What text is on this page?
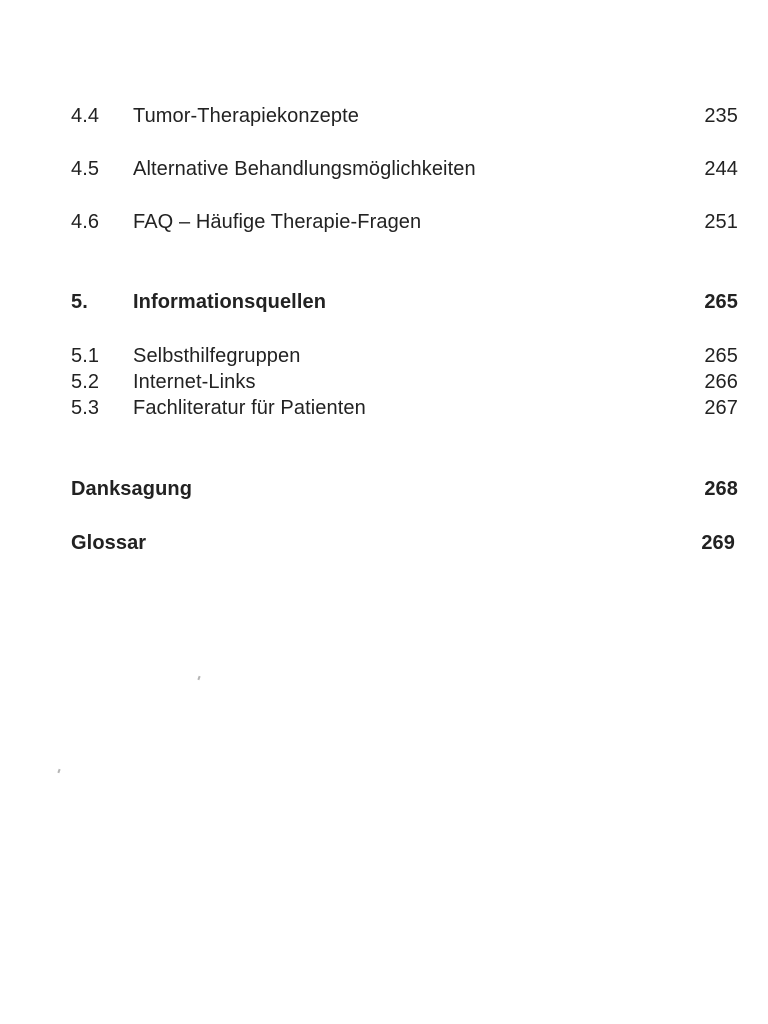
4.4 Tumor-Therapiekonzepte	235
4.5 Alternative Behandlungsmöglichkeiten	244
4.6 FAQ – Häufige Therapie-Fragen	251
5. Informationsquellen	265
5.1 Selbsthilfegruppen	265
5.2 Internet-Links	266
5.3 Fachliteratur für Patienten	267
Danksagung	268
Glossar	269
